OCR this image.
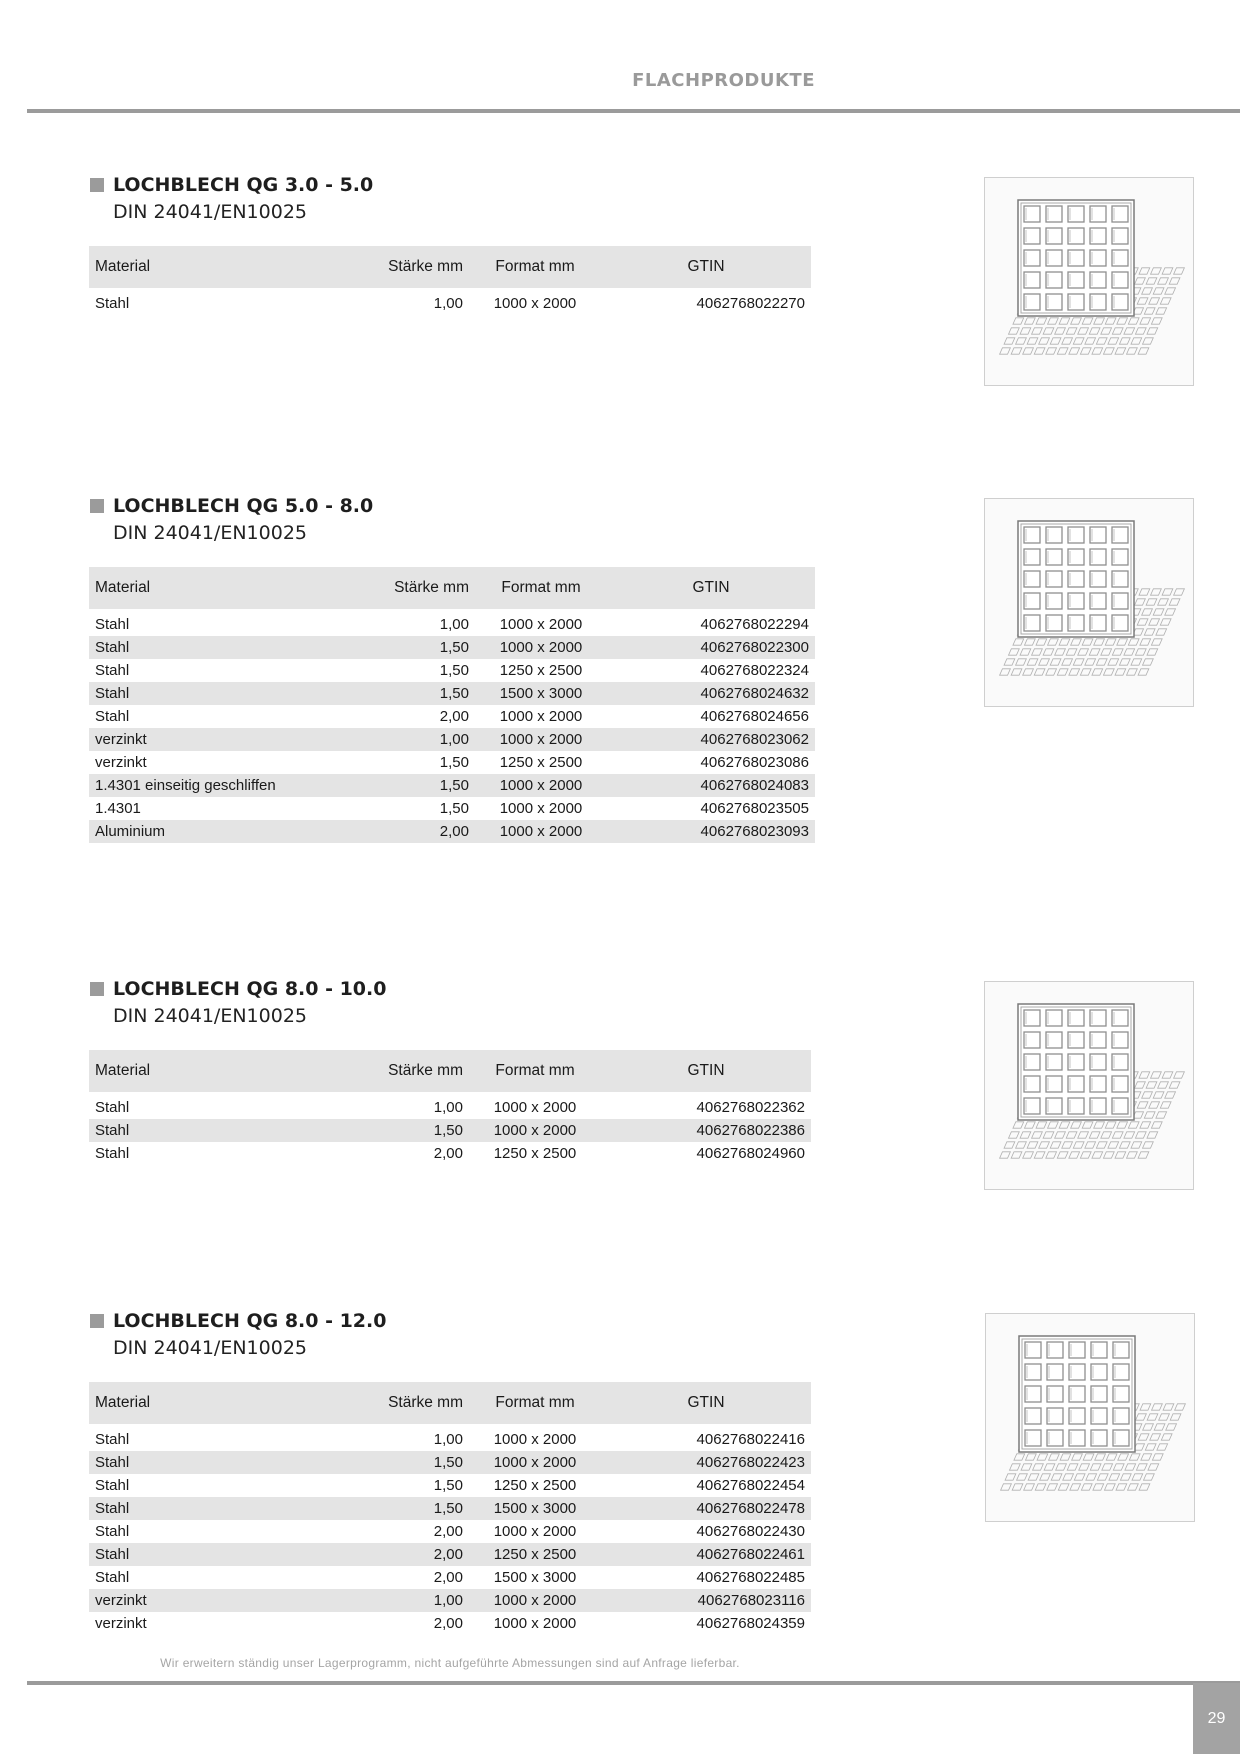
FLACHPRODUKTE
LOCHBLECH QG 3.0 - 5.0
DIN 24041/EN10025
Material	Stärke mm	Format mm	GTIN

Stahl	1,00	1000 x 2000	4062768022270
LOCHBLECH QG 5.0 - 8.0
DIN 24041/EN10025
Material	Stärke mm	Format mm	GTIN

Stahl	1,00	1000 x 2000	4062768022294
Stahl	1,50	1000 x 2000	4062768022300
Stahl	1,50	1250 x 2500	4062768022324
Stahl	1,50	1500 x 3000	4062768024632
Stahl	2,00	1000 x 2000	4062768024656
verzinkt	1,00	1000 x 2000	4062768023062
verzinkt	1,50	1250 x 2500	4062768023086
1.4301 einseitig geschliffen	1,50	1000 x 2000	4062768024083
1.4301	1,50	1000 x 2000	4062768023505
Aluminium	2,00	1000 x 2000	4062768023093
LOCHBLECH QG 8.0 - 10.0
DIN 24041/EN10025
Material	Stärke mm	Format mm	GTIN

Stahl	1,00	1000 x 2000	4062768022362
Stahl	1,50	1000 x 2000	4062768022386
Stahl	2,00	1250 x 2500	4062768024960
LOCHBLECH QG 8.0 - 12.0
DIN 24041/EN10025
Material	Stärke mm	Format mm	GTIN

Stahl	1,00	1000 x 2000	4062768022416
Stahl	1,50	1000 x 2000	4062768022423
Stahl	1,50	1250 x 2500	4062768022454
Stahl	1,50	1500 x 3000	4062768022478
Stahl	2,00	1000 x 2000	4062768022430
Stahl	2,00	1250 x 2500	4062768022461
Stahl	2,00	1500 x 3000	4062768022485
verzinkt	1,00	1000 x 2000	4062768023116
verzinkt	2,00	1000 x 2000	4062768024359
Wir erweitern ständig unser Lagerprogramm, nicht aufgeführte Abmessungen sind auf Anfrage lieferbar.
29
